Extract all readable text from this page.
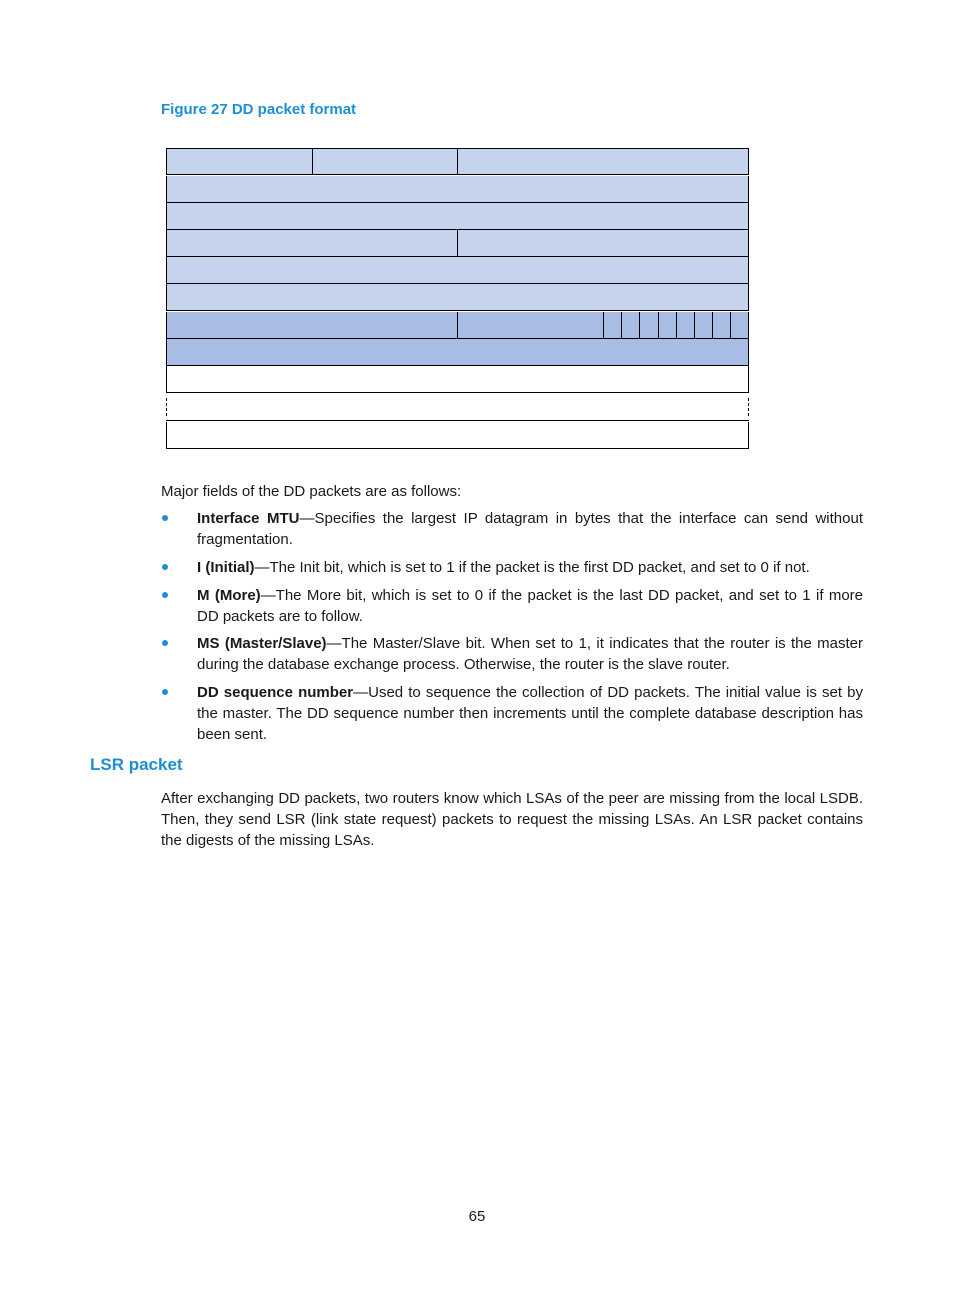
Figure 27 DD packet format
Major fields of the DD packets are as follows:
Interface MTU—Specifies the largest IP datagram in bytes that the interface can send without fragmentation.
I (Initial)—The Init bit, which is set to 1 if the packet is the first DD packet, and set to 0 if not.
M (More)—The More bit, which is set to 0 if the packet is the last DD packet, and set to 1 if more DD packets are to follow.
MS (Master/Slave)—The Master/Slave bit. When set to 1, it indicates that the router is the master during the database exchange process. Otherwise, the router is the slave router.
DD sequence number—Used to sequence the collection of DD packets. The initial value is set by the master. The DD sequence number then increments until the complete database description has been sent.
LSR packet
After exchanging DD packets, two routers know which LSAs of the peer are missing from the local LSDB. Then, they send LSR (link state request) packets to request the missing LSAs. An LSR packet contains the digests of the missing LSAs.
65
